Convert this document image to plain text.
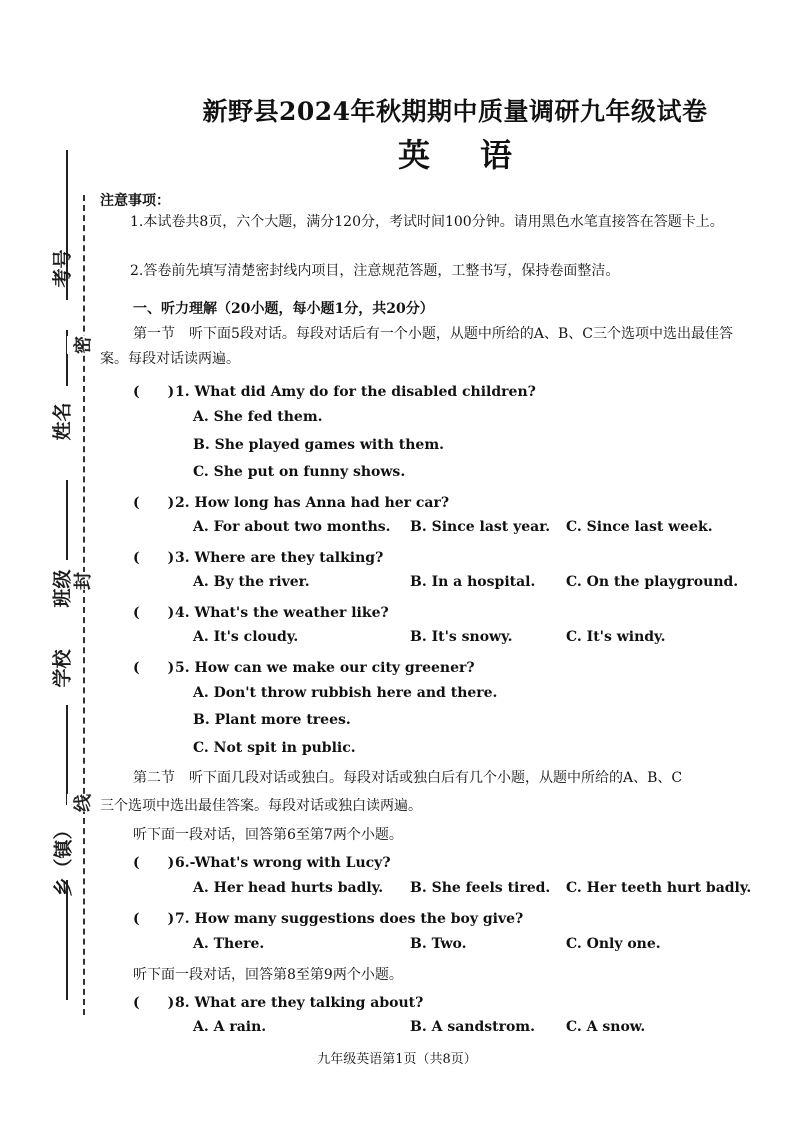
考号
密
姓名
封
班级
学校
线
乡（镇）
新野县2024年秋期期中质量调研九年级试卷
英语
注意事项：
1.本试卷共8页，六个大题，满分120分，考试时间100分钟。请用黑色水笔直接答在答题卡上。
2.答卷前先填写清楚密封线内项目，注意规范答题，工整书写，保持卷面整洁。
一、听力理解（20小题，每小题1分，共20分）
第一节　听下面5段对话。每段对话后有一个小题，从题中所给的A、B、C三个选项中选出最佳答案。每段对话读两遍。
(　　)1. What did Amy do for the disabled children?
A. She fed them.
B. She played games with them.
C. She put on funny shows.
(　　)2. How long has Anna had her car?
A. For about two months. B. Since last year. C. Since last week.
(　　)3. Where are they talking?
A. By the river.	B. In a hospital. C. On the playground.
(　　)4. What's the weather like?
A. It's cloudy.	B. It's snowy.	C. It's windy.
(　　)5. How can we make our city greener?
A. Don't throw rubbish here and there.
B. Plant more trees.
C. Not spit in public.
第二节　听下面几段对话或独白。每段对话或独白后有几个小题，从题中所给的A、B、C
三个选项中选出最佳答案。每段对话或独白读两遍。
听下面一段对话，回答第6至第7两个小题。
(　　)6.-What's wrong with Lucy?
A. Her head hurts badly. B. She feels tired. C. Her teeth hurt badly.
(　　)7. How many suggestions does the boy give?
A. There.	B. Two.	C. Only one.
听下面一段对话，回答第8至第9两个小题。
(　　)8. What are they talking about?
A. A rain.	B. A sandstrom. C. A snow.
九年级英语第1页（共8页）
